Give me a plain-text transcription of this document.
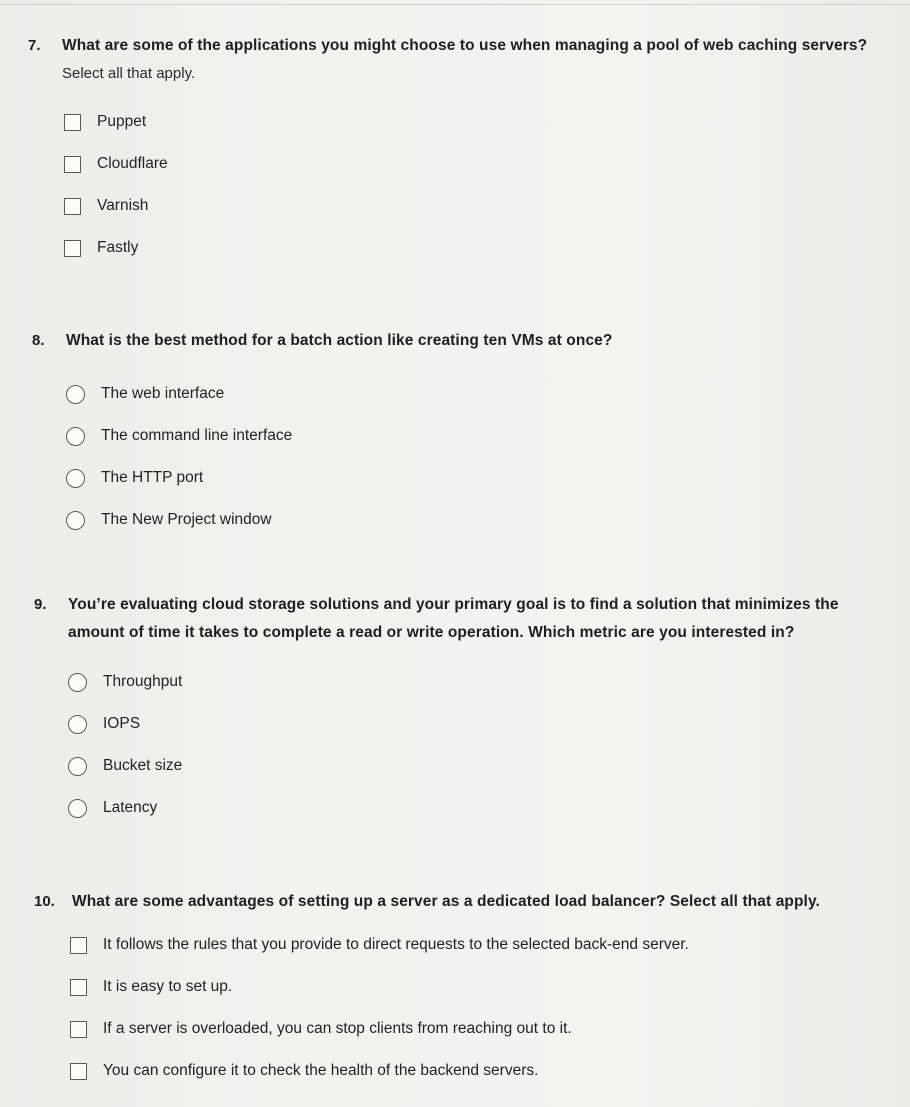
7.	What are some of the applications you might choose to use when managing a pool of web caching servers?
Select all that apply.
Puppet
Cloudflare
Varnish
Fastly
8.	What is the best method for a batch action like creating ten VMs at once?
The web interface
The command line interface
The HTTP port
The New Project window
9.	You’re evaluating cloud storage solutions and your primary goal is to find a solution that minimizes the amount of time it takes to complete a read or write operation. Which metric are you interested in?
Throughput
IOPS
Bucket size
Latency
10.	What are some advantages of setting up a server as a dedicated load balancer? Select all that apply.
It follows the rules that you provide to direct requests to the selected back-end server.
It is easy to set up.
If a server is overloaded, you can stop clients from reaching out to it.
You can configure it to check the health of the backend servers.
